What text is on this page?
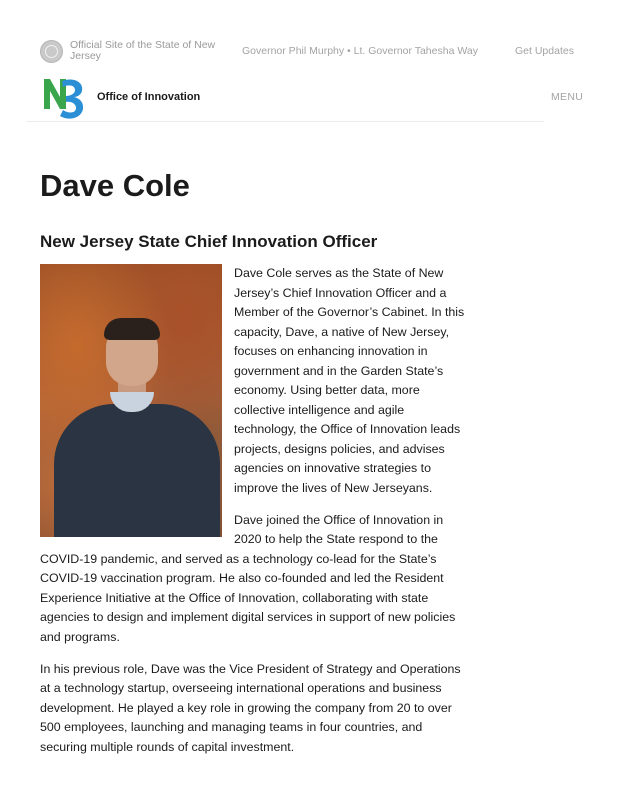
Official Site of the State of New Jersey	Governor Phil Murphy • Lt. Governor Tahesha Way	Get Updates
Office of Innovation	MENU
Dave Cole
New Jersey State Chief Innovation Officer

Dave Cole serves as the State of New Jersey’s Chief Innovation Officer and a Member of the Governor’s Cabinet. In this capacity, Dave, a native of New Jersey, focuses on enhancing innovation in government and in the Garden State’s economy. Using better data, more collective intelligence and agile technology, the Office of Innovation leads projects, designs policies, and advises agencies on innovative strategies to improve the lives of New Jerseyans.

Dave joined the Office of Innovation in 2020 to help the State respond to the COVID-19 pandemic, and served as a technology co-lead for the State’s COVID-19 vaccination program. He also co-founded and led the Resident Experience Initiative at the Office of Innovation, collaborating with state agencies to design and implement digital services in support of new policies and programs.

In his previous role, Dave was the Vice President of Strategy and Operations at a technology startup, overseeing international operations and business development. He played a key role in growing the company from 20 to over 500 employees, launching and managing teams in four countries, and securing multiple rounds of capital investment.
